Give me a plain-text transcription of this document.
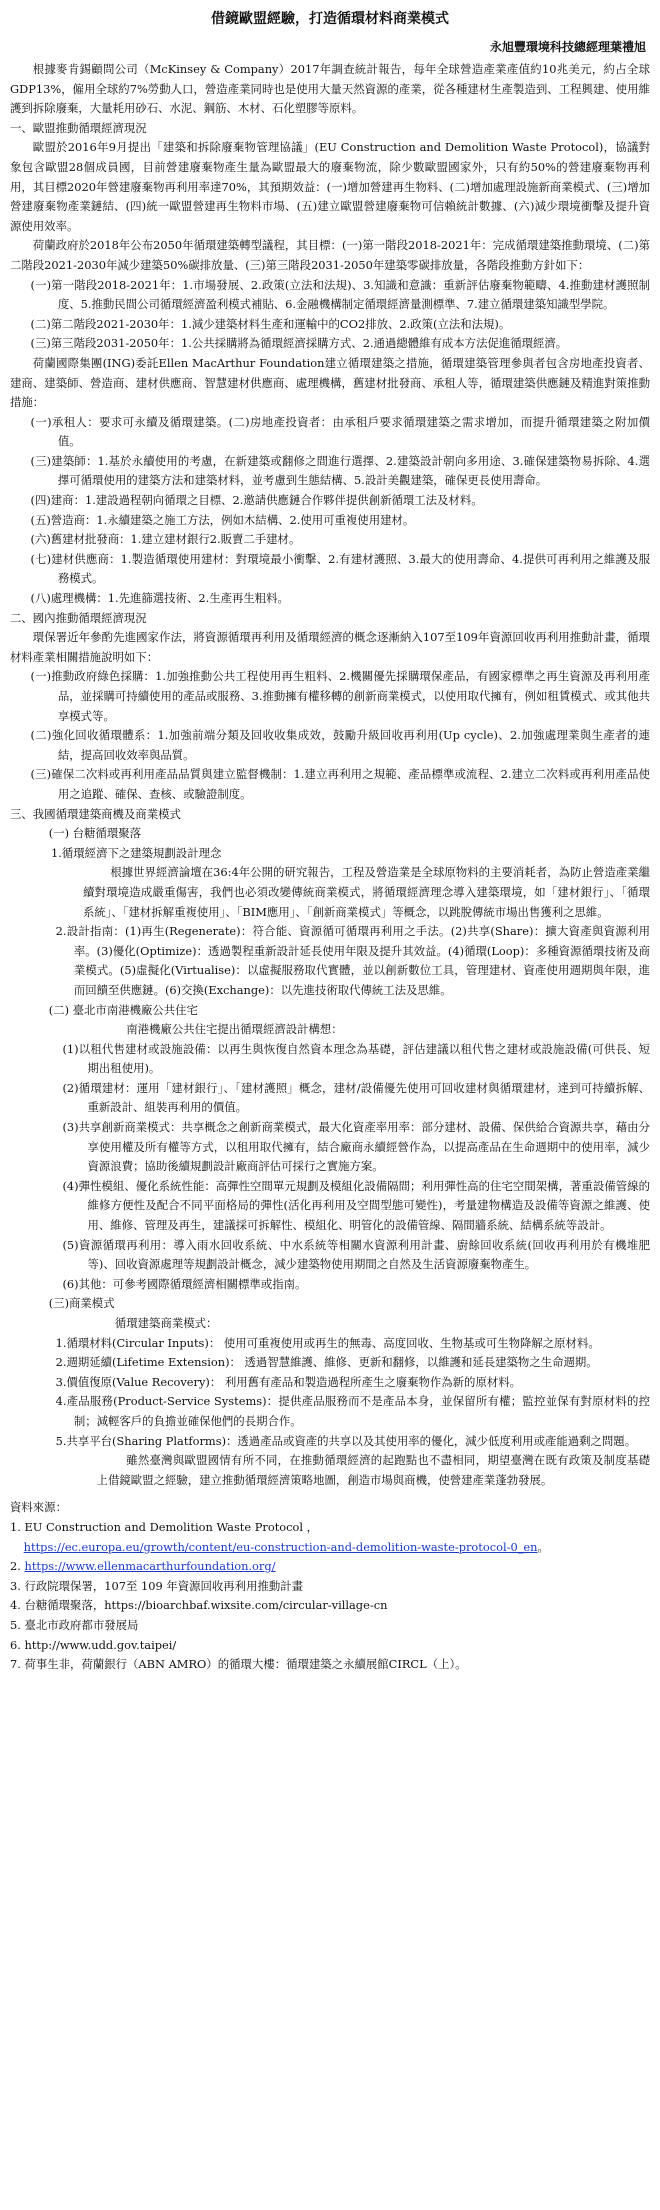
借鏡歐盟經驗，打造循環材料商業模式
永旭豐環境科技總經理葉禮旭

根據麥肯錫顧問公司（McKinsey & Company）2017年調查統計報告，每年全球營造產業產值約10兆美元，約占全球GDP13%，僱用全球約7%勞動人口，營造產業同時也是使用大量天然資源的產業，從各種建材生產製造到、工程興建、使用維護到拆除廢棄，大量耗用砂石、水泥、鋼筋、木材、石化塑膠等原料。

一、歐盟推動循環經濟現況

歐盟於2016年9月提出「建築和拆除廢棄物管理協議」(EU Construction and Demolition Waste Protocol)，協議對象包含歐盟28個成員國，目前營建廢棄物產生量為歐盟最大的廢棄物流，除少數歐盟國家外，只有約50%的營建廢棄物再利用，其目標2020年營建廢棄物再利用率達70%，其預期效益：(一)增加營建再生物料、(二)增加處理設施新商業模式、(三)增加營建廢棄物產業鏈結、(四)統一歐盟營建再生物料市場、(五)建立歐盟營建廢棄物可信賴統計數據、(六)減少環境衝擊及提升資源使用效率。

荷蘭政府於2018年公布2050年循環建築轉型議程，其目標：(一)第一階段2018-2021年：完成循環建築推動環境、(二)第二階段2021-2030年減少建築50%碳排放量、(三)第三階段2031-2050年建築零碳排放量，各階段推動方針如下：

(一)第一階段2018-2021年：1.市場發展、2.政策(立法和法規)、3.知識和意識：重新評估廢棄物範疇、4.推動建材護照制度、5.推動民間公司循環經濟盈利模式補貼、6.金融機構制定循環經濟量測標準、7.建立循環建築知識型學院。

(二)第二階段2021-2030年：1.減少建築材料生產和運輸中的CO2排放、2.政策(立法和法規)。

(三)第三階段2031-2050年：1.公共採購將為循環經濟採購方式、2.通過總體維有成本方法促進循環經濟。

荷蘭國際集團(ING)委託Ellen MacArthur Foundation建立循環建築之措施，循環建築管理參與者包含房地產投資者、建商、建築師、營造商、建材供應商、智慧建材供應商、處理機構，舊建材批發商、承租人等，循環建築供應鏈及精進對策推動措施：

(一)承租人：要求可永續及循環建築。(二)房地產投資者：由承租戶要求循環建築之需求增加，而提升循環建築之附加價值。

(三)建築師：1.基於永續使用的考慮，在新建築或翻修之間進行選擇、2.建築設計朝向多用途、3.確保建築物易拆除、4.選擇可循環使用的建築方法和建築材料，並考慮到生態結構、5.設計美觀建築，確保更長使用壽命。

(四)建商：1.建設過程朝向循環之目標、2.邀請供應鏈合作夥伴提供創新循環工法及材料。

(五)營造商：1.永續建築之施工方法，例如木結構、2.使用可重複使用建材。

(六)舊建材批發商：1.建立建材銀行2.販賣二手建材。

(七)建材供應商：1.製造循環使用建材：對環境最小衝擊、2.有建材護照、3.最大的使用壽命、4.提供可再利用之維護及服務模式。

(八)處理機構：1.先進篩選技術、2.生產再生粗料。

二、國內推動循環經濟現況

環保署近年參酌先進國家作法，將資源循環再利用及循環經濟的概念逐漸納入107至109年資源回收再利用推動計畫，循環材料產業相關措施說明如下：

(一)推動政府綠色採購：1.加強推動公共工程使用再生粗料、2.機關優先採購環保產品，有國家標準之再生資源及再利用產品，並採購可持續使用的產品或服務、3.推動擁有權移轉的創新商業模式，以使用取代擁有，例如租賃模式、或其他共享模式等。

(二)強化回收循環體系：1.加強前端分類及回收收集成效，鼓勵升級回收再利用(Up cycle)、2.加強處理業與生產者的連結，提高回收效率與品質。

(三)確保二次料或再利用產品品質與建立監督機制：1.建立再利用之規範、產品標準或流程、2.建立二次料或再利用產品使用之追蹤、確保、查核、或驗證制度。

三、我國循環建築商機及商業模式

(一) 台糖循環聚落

1.循環經濟下之建築規劃設計理念

根據世界經濟論壇在36:4年公開的研究報告，工程及營造業是全球原物料的主要消耗者，為防止營造產業繼續對環境造成嚴重傷害，我們也必須改變傳統商業模式，將循環經濟理念導入建築環境，如「建材銀行」、「循環系統」、「建材拆解重複使用」、「BIM應用」、「創新商業模式」等概念，以跳脫傳統市場出售獲利之思維。

2.設計指南：(1)再生(Regenerate)：符合能、資源循可循環再利用之手法。(2)共享(Share)：擴大資產與資源利用率。(3)優化(Optimize)：透過製程重新設計延長使用年限及提升其效益。(4)循環(Loop)：多種資源循環技術及商業模式。(5)虛擬化(Virtualise)：以虛擬服務取代實體，並以創新數位工具，管理建材、資產使用週期與年限，進而回饋至供應鏈。(6)交換(Exchange)：以先進技術取代傳統工法及思維。

(二) 臺北市南港機廠公共住宅

南港機廠公共住宅提出循環經濟設計構想：

(1)以租代售建材或設施設備：以再生與恢復自然資本理念為基礎，評估建議以租代售之建材或設施設備(可供長、短期出租使用)。

(2)循環建材：運用「建材銀行」、「建材護照」概念，建材/設備優先使用可回收建材與循環建材，達到可持續拆解、重新設計、組裝再利用的價值。

(3)共享創新商業模式：共享概念之創新商業模式，最大化資產率用率：部分建材、設備、保供給合資源共享，藉由分享使用權及所有權等方式，以租用取代擁有，結合廠商永續經營作為，以提高產品在生命週期中的使用率，減少資源浪費；協助後續規劃設計廠商評估可採行之實施方案。

(4)彈性模組、優化系統性能：高彈性空間單元規劃及模組化設備隔間；利用彈性高的住宅空間架構，著重設備管線的維修方便性及配合不同平面格局的彈性(活化再利用及空間型態可變性)，考量建物構造及設備等資源之維護、使用、維修、管理及再生，建議採可拆解性、模組化、明管化的設備管線、隔間牆系統、結構系統等設計。

(5)資源循環再利用：導入雨水回收系統、中水系統等相關水資源利用計畫、廚餘回收系統(回收再利用於有機堆肥等)、回收資源處理等規劃設計概念，減少建築物使用期間之自然及生活資源廢棄物產生。

(6)其他：可參考國際循環經濟相關標準或指南。

(三)商業模式

循環建築商業模式：

1.循環材料(Circular Inputs)： 使用可重複使用或再生的無毒、高度回收、生物基或可生物降解之原材料。

2.週期延續(Lifetime Extension)： 透過智慧維護、維修、更新和翻修，以維護和延長建築物之生命週期。

3.價值復原(Value Recovery)： 利用舊有產品和製造過程所產生之廢棄物作為新的原材料。

4.產品服務(Product-Service Systems)：提供產品服務而不是產品本身，並保留所有權；監控並保有對原材料的控制；減輕客戶的負擔並確保他們的長期合作。

5.共享平台(Sharing Platforms)：透過產品或資產的共享以及其使用率的優化，減少低度利用或產能過剩之問題。

雖然臺灣與歐盟國情有所不同，在推動循環經濟的起跑點也不盡相同，期望臺灣在既有政策及制度基礎上借鏡歐盟之經驗，建立推動循環經濟策略地圖，創造市場與商機，使營建產業蓬勃發展。

資料來源：

1. EU Construction and Demolition Waste Protocol ，
https://ec.europa.eu/growth/content/eu-construction-and-demolition-waste-protocol-0_en。

2. https://www.ellenmacarthurfoundation.org/

3. 行政院環保署，107至 109 年資源回收再利用推動計畫

4. 台糖循環聚落，https://bioarchbaf.wixsite.com/circular-village-cn

5. 臺北市政府都市發展局

6. http://www.udd.gov.taipei/

7. 荷事生非，荷蘭銀行（ABN AMRO）的循環大樓：循環建築之永續展館CIRCL（上）。
